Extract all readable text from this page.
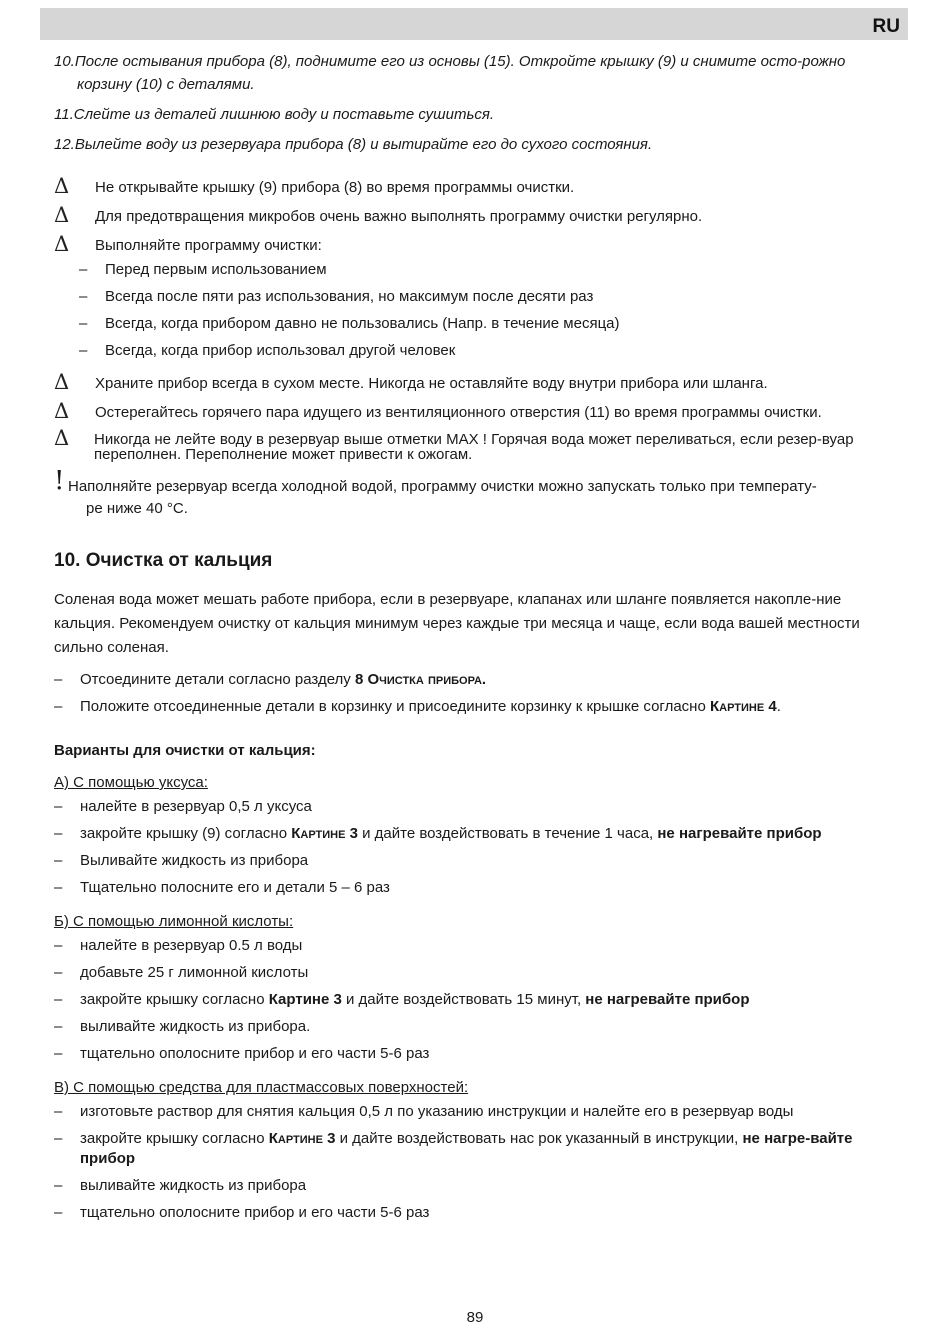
RU

10.После остывания прибора (8), поднимите его из основы (15). Откройте крышку (9) и снимите осто-рожно корзину (10) с деталями.

11.Слейте из деталей лишнюю воду и поставьте сушиться.

12.Вылейте воду из резервуара прибора (8) и вытирайте его до сухого состояния.

Δ Не открывайте крышку (9) прибора (8) во время программы очистки.
Δ Для предотвращения микробов очень важно выполнять программу очистки регулярно.
Δ Выполняйте программу очистки:
– Перед первым использованием
– Всегда после пяти раз использования, но максимум после десяти раз
– Всегда, когда прибором давно не пользовались (Напр. в течение месяца)
– Всегда, когда прибор использовал другой человек
Δ Храните прибор всегда в сухом месте. Никогда не оставляйте воду внутри прибора или шланга.
Δ Остерегайтесь горячего пара идущего из вентиляционного отверстия (11) во время программы очистки.
Δ	Никогда не лейте воду в резервуар выше отметки MAX ! Горячая вода может переливаться, если резер-вуар переполнен. Переполнение может привести к ожогам.
! Наполняйте резервуар всегда холодной водой, программу очистки можно запускать только при температу-
ре ниже 40 °C.
10. Очистка от кальция

Соленая вода может мешать работе прибора, если в резервуаре, клапанах или шланге появляется накопле-ние кальция. Рекомендуем очистку от кальция минимум через каждые три месяца и чаще, если вода вашей местности сильно соленая.

– Отсоедините детали согласно разделу 8 Очистка прибора.
– Положите отсоединенные детали в корзинку и присоедините корзинку к крышке согласно Картине 4.

Варианты для очистки от кальция:

А) С помощью уксуса:
– налейте в резервуар 0,5 л уксуса
– закройте крышку (9) согласно Картине 3 и дайте воздействовать в течение 1 часа, не нагревайте прибор
– Выливайте жидкость из прибора
– Тщательно полосните его и детали 5 – 6 раз
Б) С помощью лимонной кислоты:
– налейте в резервуар 0.5 л воды
– добавьте 25 г лимонной кислоты
– закройте крышку согласно Картине 3 и дайте воздействовать 15 минут, не нагревайте прибор
– выливайте жидкость из прибора.
– тщательно ополосните прибор и его части 5-6 раз
В) С помощью средства для пластмассовых поверхностей:
– изготовьте раствор для снятия кальция 0,5 л по указанию инструкции и налейте его в резервуар воды
– закройте крышку согласно Картине 3 и дайте воздействовать нас рок указанный в инструкции, не нагре-вайте прибор
– выливайте жидкость из прибора
– тщательно ополосните прибор и его части 5-6 раз
89
